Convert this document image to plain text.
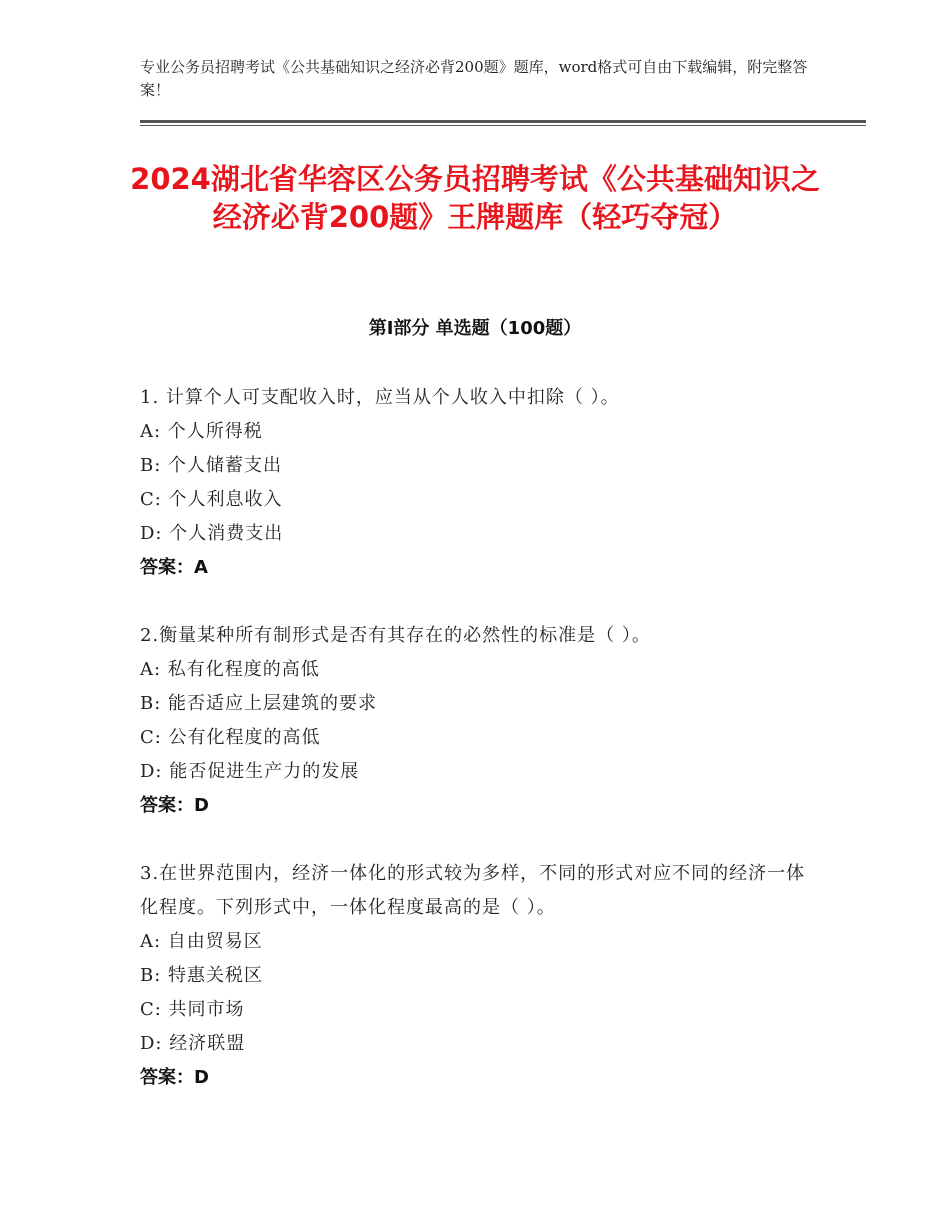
专业公务员招聘考试《公共基础知识之经济必背200题》题库，word格式可自由下载编辑，附完整答案！
2024湖北省华容区公务员招聘考试《公共基础知识之经济必背200题》王牌题库（轻巧夺冠）
第Ⅰ部分 单选题（100题）
1. 计算个人可支配收入时，应当从个人收入中扣除（ ）。
A: 个人所得税
B: 个人储蓄支出
C: 个人利息收入
D: 个人消费支出
答案：A
2.衡量某种所有制形式是否有其存在的必然性的标准是（ ）。
A: 私有化程度的高低
B: 能否适应上层建筑的要求
C: 公有化程度的高低
D: 能否促进生产力的发展
答案：D
3.在世界范围内，经济一体化的形式较为多样，不同的形式对应不同的经济一体化程度。下列形式中，一体化程度最高的是（ ）。
A: 自由贸易区
B: 特惠关税区
C: 共同市场
D: 经济联盟
答案：D
